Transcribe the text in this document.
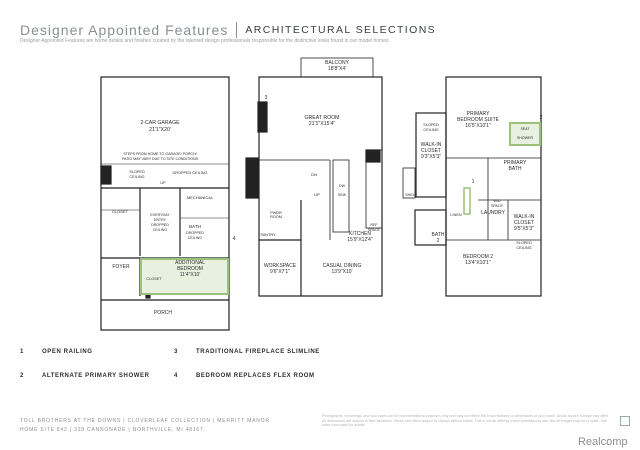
Designer Appointed Features ARCHITECTURAL SELECTIONS
Designer Appointed Features are home details and finishes curated by the talented design professionals responsible for the distinctive looks found in our model homes.
2-CAR GARAGE
21'1"X20'
STEPS FROM HOME TO GARAGE/ PORCH/
PATIO MAY VARY DUE TO SITE CONDITIONS
SLOPED
CEILING
DROPPED CEILING
UP
MECHANICAL
CLOSET
EVERYDAY
ENTRY
DROPPED
CEILING
BATH
DROPPED
CEILING
FOYER
CLOSET
ADDITIONAL
BEDROOM
11'4"X10'
PORCH
4
BALCONY
18'8"X4'
GREAT ROOM
21'1"X15'4"
3
DN
UP
PWDR
ROOM
PANTRY
DW
SINK
KITCHEN
15'9"X12'4"
REF
SPACE
WORKSPACE
9'6"X7'1"
CASUAL DINING
13'9"X10'
SLOPED
CEILING
PRIMARY
BEDROOM SUITE
16'5"X10'1"	SEAT
SHOWER
2
WALK-IN
CLOSET
9'3"X5'3"
PRIMARY
BATH
SHELF
1
W/D
SPACE
LINEN	LAUNDRY
WALK-IN
CLOSET
9'5"X5'3"
SLOPED
CEILING
BATH
2
BEDROOM 2
13'4"X10'1"
1	OPEN RAILING
2	ALTERNATE PRIMARY SHOWER
3	TRADITIONAL FIREPLACE SLIMLINE
4	BEDROOM REPLACES FLEX ROOM
TOLL BROTHERS AT THE DOWNS | CLOVERLEAF COLLECTION | MERRITT MANOR
HOME SITE 842 | 328 CANNONADE | NORTHVILLE, MI 48167
Photographs, renderings, and floor plans are for representational purposes only and may not reflect the exact features or dimensions of your home. Actual square footage may differ. All dimensions are subject to field variations. Prices and offers subject to change without notice. This is not an offering where prohibited by law. Not all images may be to scale. See sales consultant for details.
Realcomp
